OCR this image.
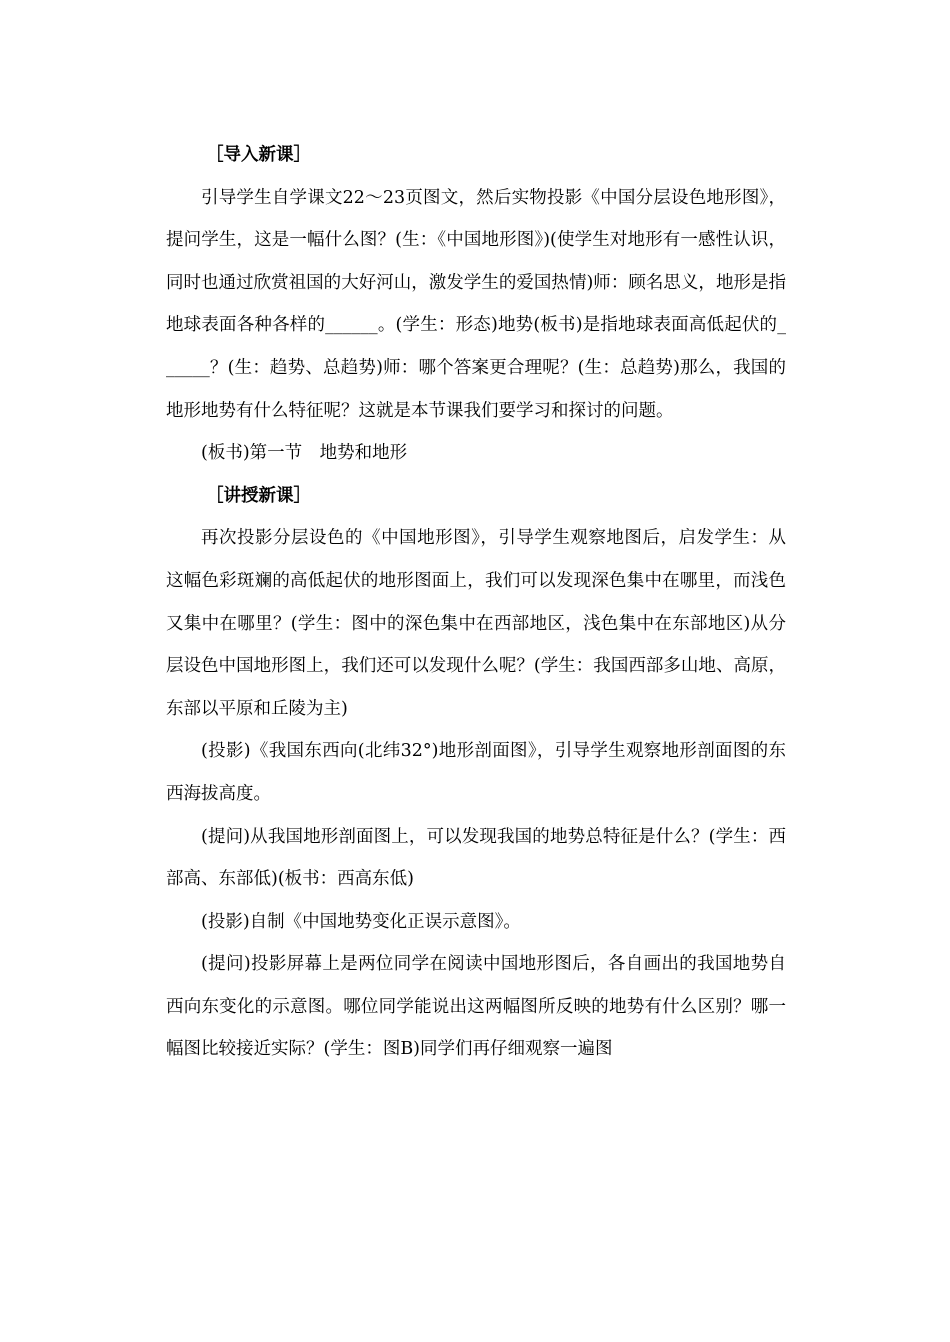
［导入新课］

引导学生自学课文22～23页图文，然后实物投影《中国分层设色地形图》，提问学生，这是一幅什么图？(生：《中国地形图》)(使学生对地形有一感性认识，同时也通过欣赏祖国的大好河山，激发学生的爱国热情)师：顾名思义，地形是指地球表面各种各样的______。(学生：形态)地势(板书)是指地球表面高低起伏的______？(生：趋势、总趋势)师：哪个答案更合理呢？(生：总趋势)那么，我国的地形地势有什么特征呢？这就是本节课我们要学习和探讨的问题。

(板书)第一节　地势和地形

［讲授新课］

再次投影分层设色的《中国地形图》，引导学生观察地图后，启发学生：从这幅色彩斑斓的高低起伏的地形图面上，我们可以发现深色集中在哪里，而浅色又集中在哪里？(学生：图中的深色集中在西部地区，浅色集中在东部地区)从分层设色中国地形图上，我们还可以发现什么呢？(学生：我国西部多山地、高原，东部以平原和丘陵为主)

(投影)《我国东西向(北纬32°)地形剖面图》，引导学生观察地形剖面图的东西海拔高度。

(提问)从我国地形剖面图上，可以发现我国的地势总特征是什么？(学生：西部高、东部低)(板书：西高东低)

(投影)自制《中国地势变化正误示意图》。

(提问)投影屏幕上是两位同学在阅读中国地形图后，各自画出的我国地势自西向东变化的示意图。哪位同学能说出这两幅图所反映的地势有什么区别？哪一幅图比较接近实际？(学生：图B)同学们再仔细观察一遍图
